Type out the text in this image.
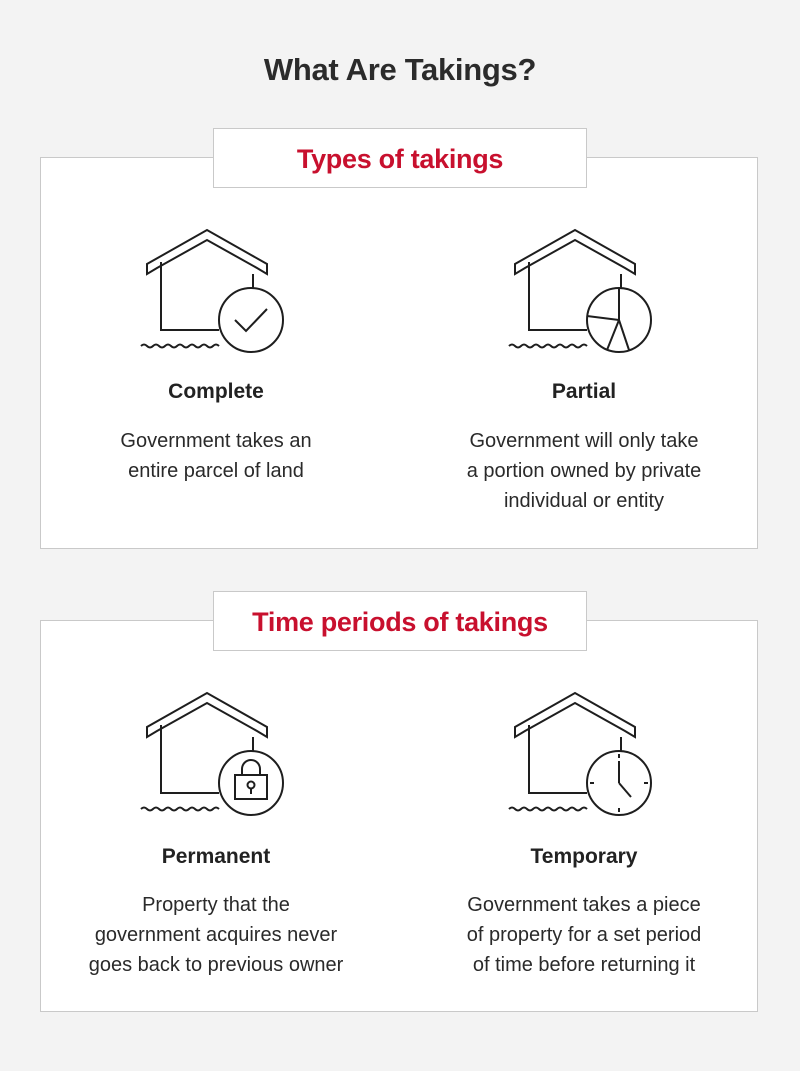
What Are Takings?
Types of takings
Complete
Government takes an
entire parcel of land
Partial
Government will only take
a portion owned by private
individual or entity
Time periods of takings
Permanent
Property that the
government acquires never
goes back to previous owner
Temporary
Government takes a piece
of property for a set period
of time before returning it
